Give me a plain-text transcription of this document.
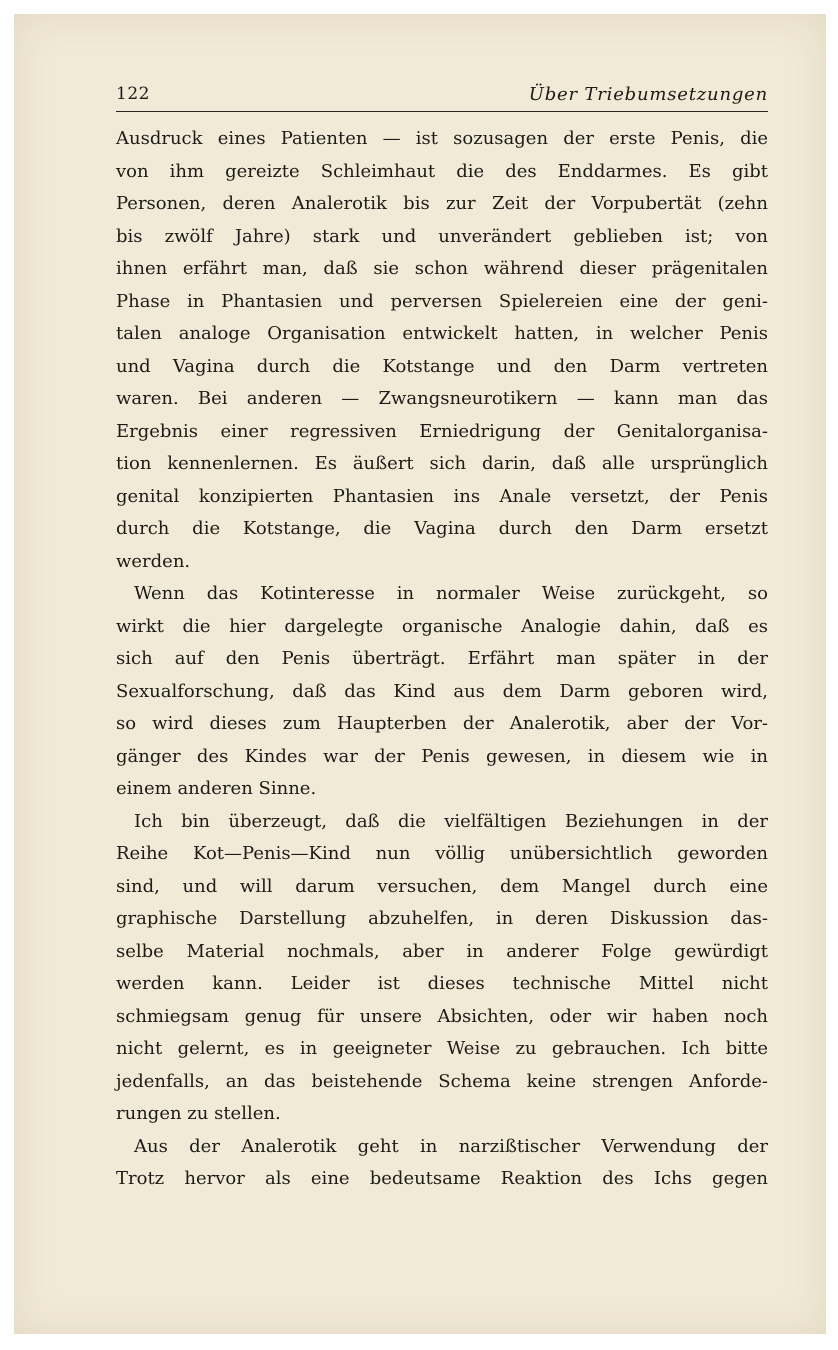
122	Über Triebumsetzungen
Ausdruck eines Patienten — ist sozusagen der erste Penis, die
von ihm gereizte Schleimhaut die des Enddarmes. Es gibt
Personen, deren Analerotik bis zur Zeit der Vorpubertät (zehn
bis zwölf Jahre) stark und unverändert geblieben ist; von
ihnen erfährt man, daß sie schon während dieser prägenitalen
Phase in Phantasien und perversen Spielereien eine der geni-
talen analoge Organisation entwickelt hatten, in welcher Penis
und Vagina durch die Kotstange und den Darm vertreten
waren. Bei anderen — Zwangsneurotikern — kann man das
Ergebnis einer regressiven Erniedrigung der Genitalorganisa-
tion kennenlernen. Es äußert sich darin, daß alle ursprünglich
genital konzipierten Phantasien ins Anale versetzt, der Penis
durch die Kotstange, die Vagina durch den Darm ersetzt
werden.
Wenn das Kotinteresse in normaler Weise zurückgeht, so
wirkt die hier dargelegte organische Analogie dahin, daß es
sich auf den Penis überträgt. Erfährt man später in der
Sexualforschung, daß das Kind aus dem Darm geboren wird,
so wird dieses zum Haupterben der Analerotik, aber der Vor-
gänger des Kindes war der Penis gewesen, in diesem wie in
einem anderen Sinne.
Ich bin überzeugt, daß die vielfältigen Beziehungen in der
Reihe Kot—Penis—Kind nun völlig unübersichtlich geworden
sind, und will darum versuchen, dem Mangel durch eine
graphische Darstellung abzuhelfen, in deren Diskussion das-
selbe Material nochmals, aber in anderer Folge gewürdigt
werden kann. Leider ist dieses technische Mittel nicht
schmiegsam genug für unsere Absichten, oder wir haben noch
nicht gelernt, es in geeigneter Weise zu gebrauchen. Ich bitte
jedenfalls, an das beistehende Schema keine strengen Anforde-
rungen zu stellen.
Aus der Analerotik geht in narzißtischer Verwendung der
Trotz hervor als eine bedeutsame Reaktion des Ichs gegen
